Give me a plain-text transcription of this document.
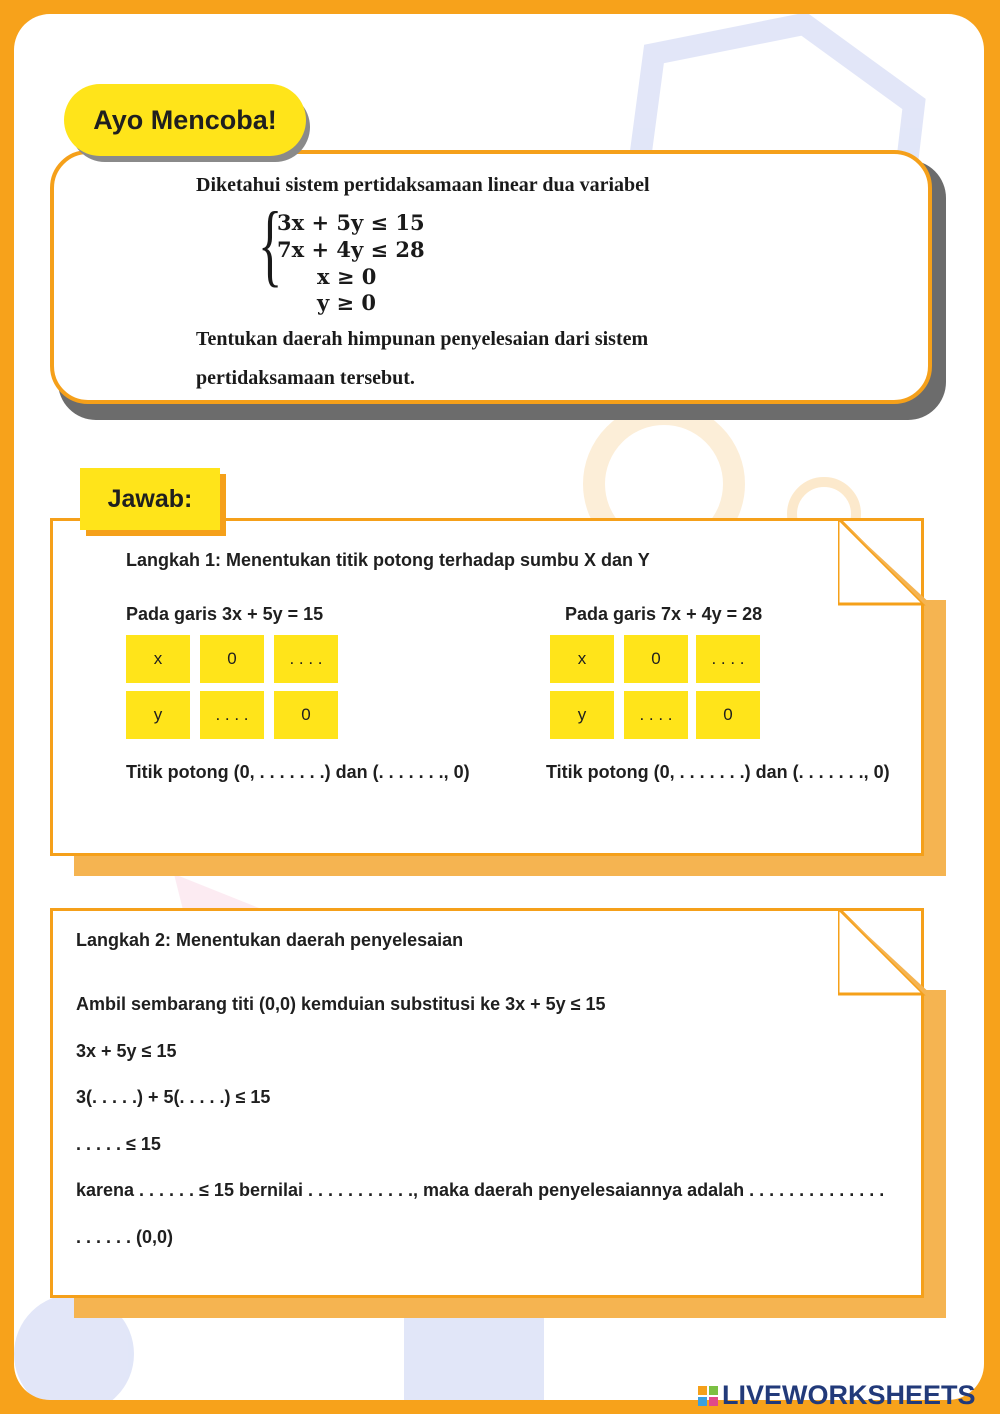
Ayo Mencoba!
Diketahui sistem pertidaksamaan linear dua variabel
{
3x + 5y ≤ 15
7x + 4y ≤ 28
x ≥ 0
y ≥ 0
Tentukan daerah himpunan penyelesaian dari sistem
pertidaksamaan tersebut.
Jawab:
Langkah 1: Menentukan titik potong terhadap sumbu X dan Y
Pada garis 3x + 5y = 15
x	0	. . . .
y	. . . .	0
Titik potong (0, . . . . . . .) dan (. . . . . . ., 0)
Pada garis 7x + 4y = 28
x	0	. . . .
y	. . . .	0
Titik potong (0, . . . . . . .) dan (. . . . . . ., 0)
Langkah 2: Menentukan daerah penyelesaian
Ambil sembarang titi (0,0) kemduian substitusi ke 3x + 5y ≤ 15
3x + 5y ≤ 15
3(. . . . .) + 5(. . . . .) ≤ 15
. . . . . ≤ 15
karena . . . . . . ≤ 15 bernilai . . . . . . . . . . ., maka daerah penyelesaiannya adalah . . . . . . . . . . . . . .
. . . . . . (0,0)
LIVEWORKSHEETS
